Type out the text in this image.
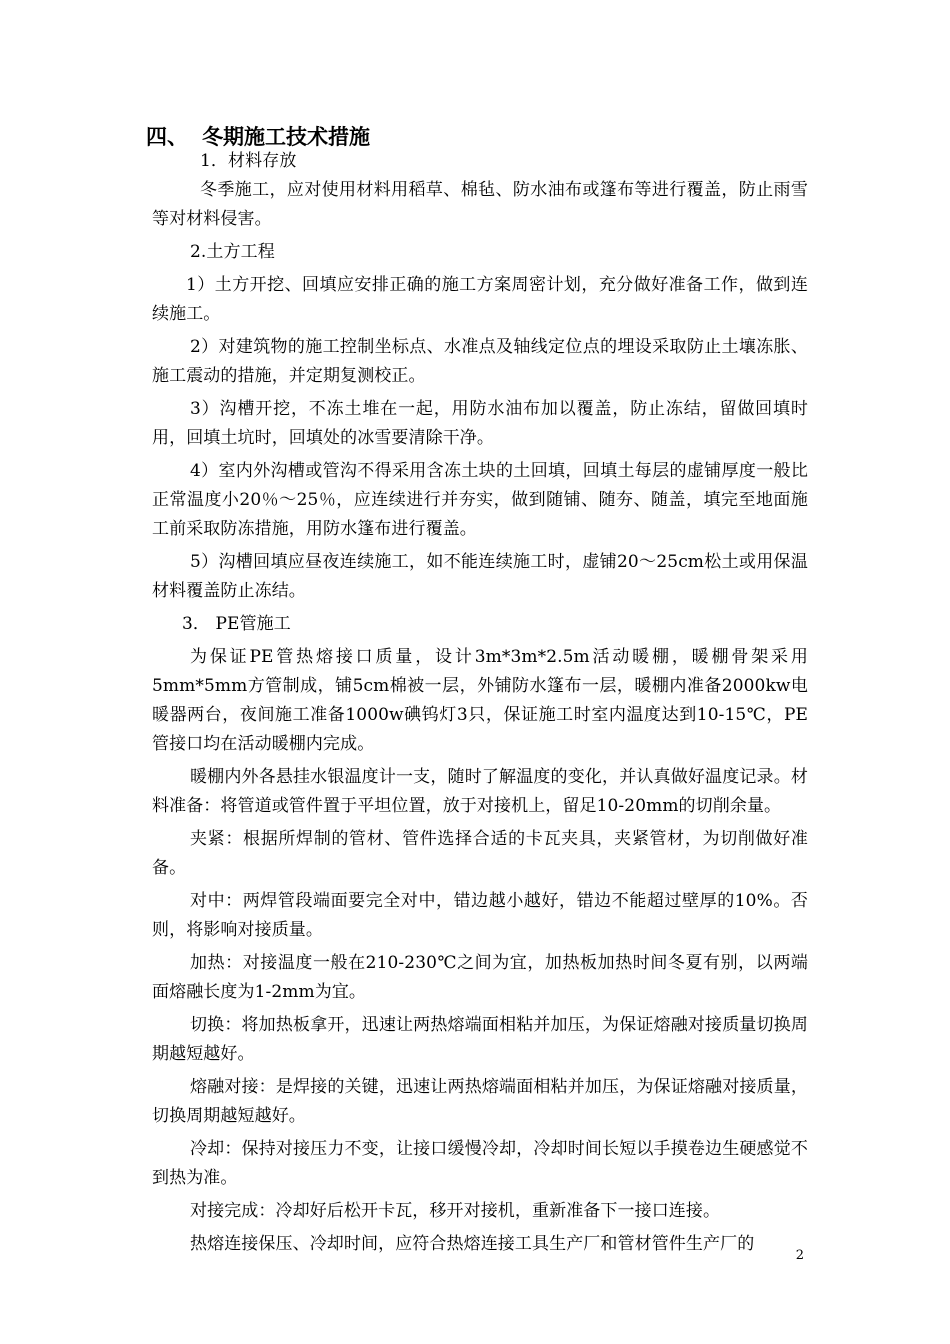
四、 冬期施工技术措施

1．材料存放

冬季施工，应对使用材料用稻草、棉毡、防水油布或篷布等进行覆盖，防止雨雪等对材料侵害。

2.土方工程

1）土方开挖、回填应安排正确的施工方案周密计划，充分做好准备工作，做到连续施工。

2）对建筑物的施工控制坐标点、水准点及轴线定位点的埋设采取防止土壤冻胀、施工震动的措施，并定期复测校正。

3）沟槽开挖，不冻土堆在一起，用防水油布加以覆盖，防止冻结，留做回填时用，回填土坑时，回填处的冰雪要清除干净。

4）室内外沟槽或管沟不得采用含冻土块的土回填，回填土每层的虚铺厚度一般比正常温度小20％～25％，应连续进行并夯实，做到随铺、随夯、随盖，填完至地面施工前采取防冻措施，用防水篷布进行覆盖。

5）沟槽回填应昼夜连续施工，如不能连续施工时，虚铺20～25cm松土或用保温材料覆盖防止冻结。

3． PE管施工

为保证PE管热熔接口质量，设计3m*3m*2.5m活动暖棚，暖棚骨架采用5mm*5mm方管制成，铺5cm棉被一层，外铺防水篷布一层，暖棚内准备2000kw电暖器两台，夜间施工准备1000w碘钨灯3只，保证施工时室内温度达到10-15℃，PE管接口均在活动暖棚内完成。

暖棚内外各悬挂水银温度计一支，随时了解温度的变化，并认真做好温度记录。材料准备：将管道或管件置于平坦位置，放于对接机上，留足10-20mm的切削余量。

夹紧：根据所焊制的管材、管件选择合适的卡瓦夹具，夹紧管材，为切削做好准备。

对中：两焊管段端面要完全对中，错边越小越好，错边不能超过壁厚的10%。否则，将影响对接质量。

加热：对接温度一般在210-230℃之间为宜，加热板加热时间冬夏有别，以两端面熔融长度为1-2mm为宜。

切换：将加热板拿开，迅速让两热熔端面相粘并加压，为保证熔融对接质量切换周期越短越好。

熔融对接：是焊接的关键，迅速让两热熔端面相粘并加压，为保证熔融对接质量，切换周期越短越好。

冷却：保持对接压力不变，让接口缓慢冷却，冷却时间长短以手摸卷边生硬感觉不到热为准。

对接完成：冷却好后松开卡瓦，移开对接机，重新准备下一接口连接。

热熔连接保压、冷却时间，应符合热熔连接工具生产厂和管材管件生产厂的

2
